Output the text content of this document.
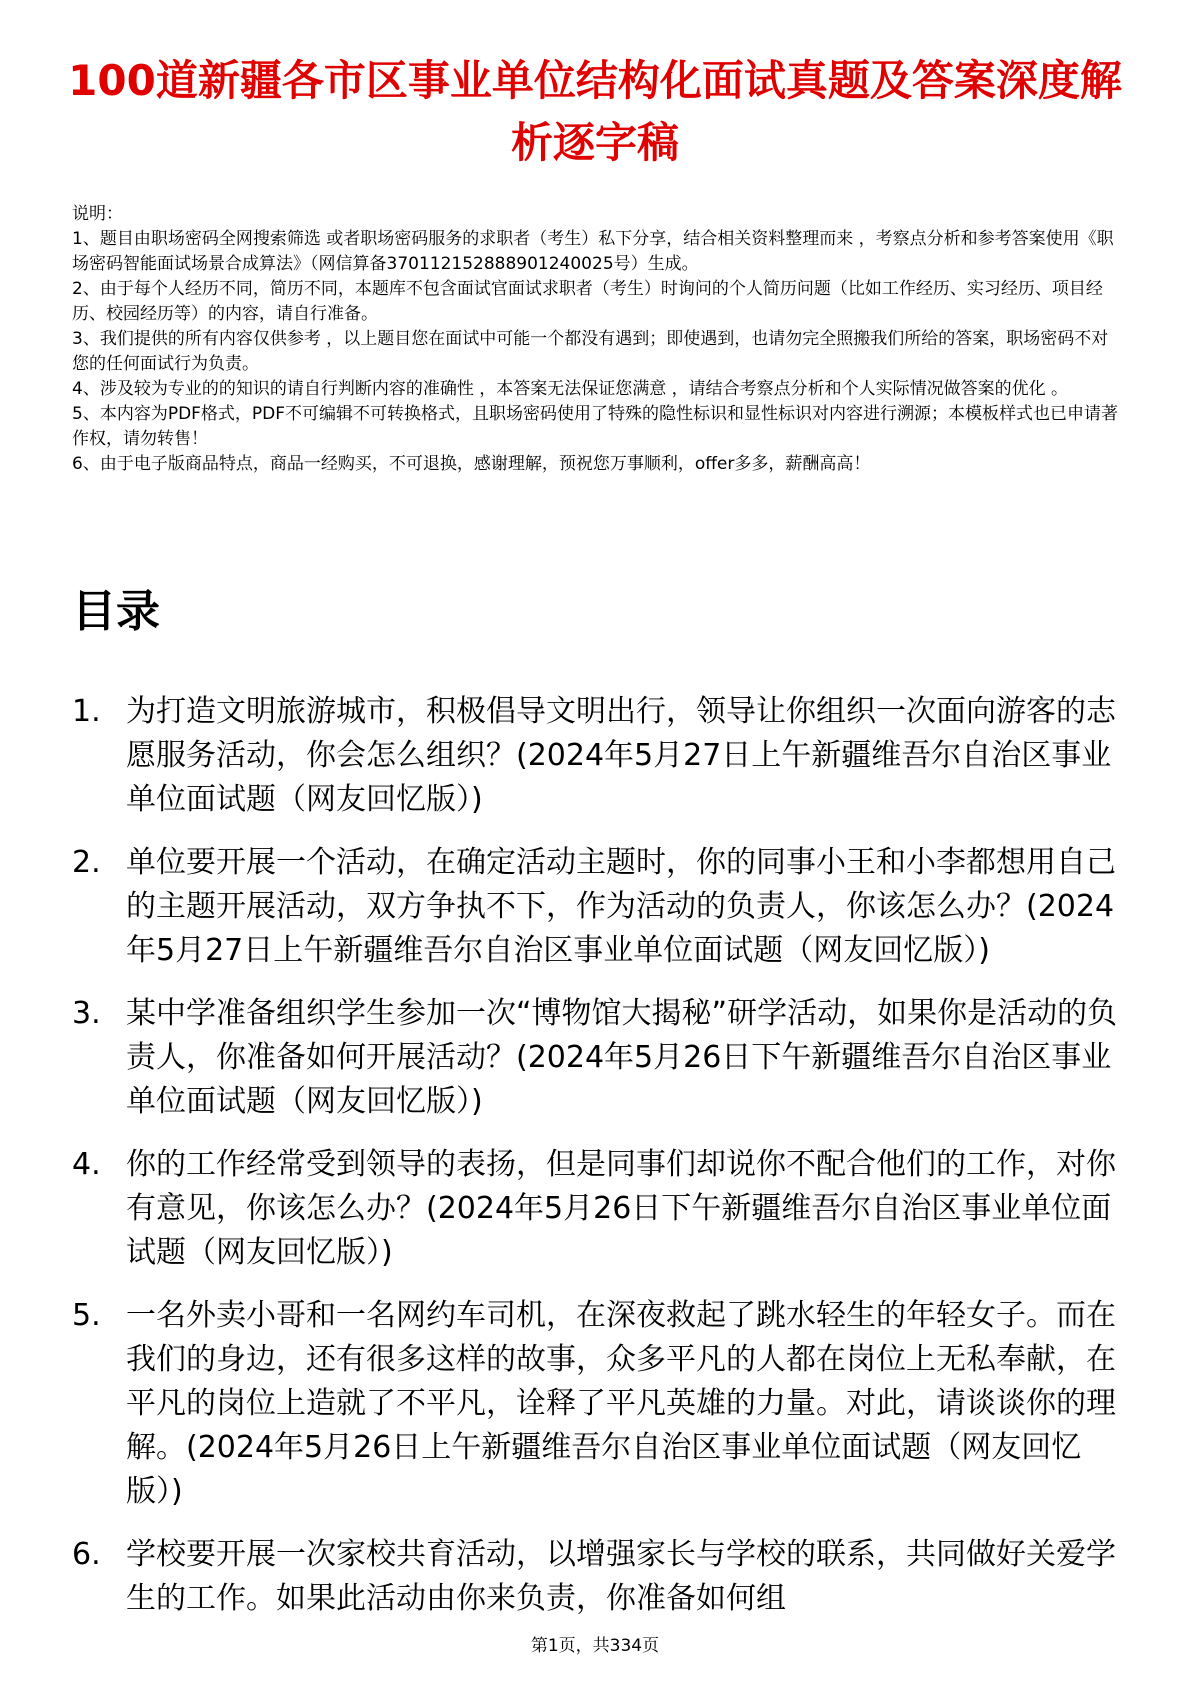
100道新疆各市区事业单位结构化面试真题及答案深度解析逐字稿

说明：

1、题目由职场密码全网搜索筛选 或者职场密码服务的求职者（考生）私下分享，结合相关资料整理而来 ，考察点分析和参考答案使用《职场密码智能面试场景合成算法》（网信算备370112152888901240025号）生成。

2、由于每个人经历不同，简历不同，本题库不包含面试官面试求职者（考生）时询问的个人简历问题（比如工作经历、实习经历、项目经历、校园经历等）的内容，请自行准备。

3、我们提供的所有内容仅供参考 ，以上题目您在面试中可能一个都没有遇到；即使遇到，也请勿完全照搬我们所给的答案，职场密码不对您的任何面试行为负责。

4、涉及较为专业的的知识的请自行判断内容的准确性 ，本答案无法保证您满意 ，请结合考察点分析和个人实际情况做答案的优化 。

5、本内容为PDF格式，PDF不可编辑不可转换格式，且职场密码使用了特殊的隐性标识和显性标识对内容进行溯源；本模板样式也已申请著作权，请勿转售！

6、由于电子版商品特点，商品一经购买，不可退换，感谢理解，预祝您万事顺利，offer多多，薪酬高高！

目录
1. 为打造文明旅游城市，积极倡导文明出行，领导让你组织一次面向游客的志愿服务活动，你会怎么组织？(2024年5月27日上午新疆维吾尔自治区事业单位面试题（网友回忆版）)
2. 单位要开展一个活动，在确定活动主题时，你的同事小王和小李都想用自己的主题开展活动，双方争执不下，作为活动的负责人，你该怎么办？(2024年5月27日上午新疆维吾尔自治区事业单位面试题（网友回忆版）)
3. 某中学准备组织学生参加一次“博物馆大揭秘”研学活动，如果你是活动的负责人，你准备如何开展活动？(2024年5月26日下午新疆维吾尔自治区事业单位面试题（网友回忆版）)
4. 你的工作经常受到领导的表扬，但是同事们却说你不配合他们的工作，对你有意见，你该怎么办？(2024年5月26日下午新疆维吾尔自治区事业单位面试题（网友回忆版）)
5. 一名外卖小哥和一名网约车司机，在深夜救起了跳水轻生的年轻女子。而在我们的身边，还有很多这样的故事，众多平凡的人都在岗位上无私奉献，在平凡的岗位上造就了不平凡，诠释了平凡英雄的力量。对此，请谈谈你的理解。(2024年5月26日上午新疆维吾尔自治区事业单位面试题（网友回忆版）)
6. 学校要开展一次家校共育活动，以增强家长与学校的联系，共同做好关爱学生的工作。如果此活动由你来负责，你准备如何组
第1页，共334页
